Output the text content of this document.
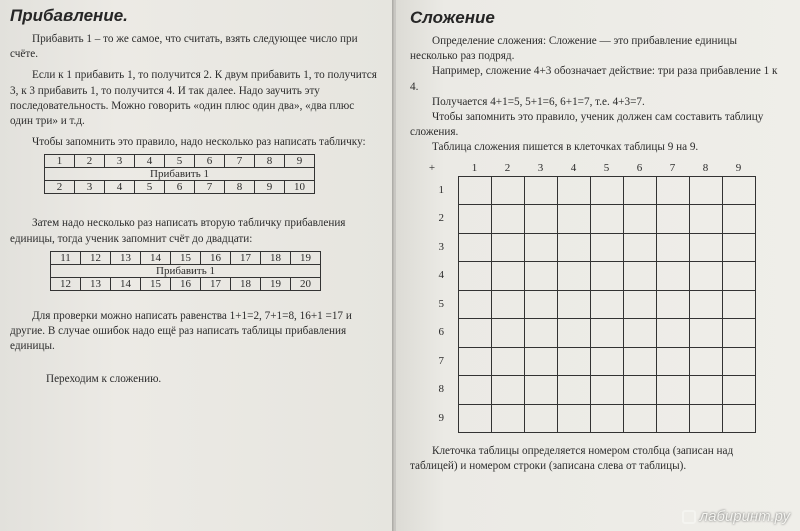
Прибавление.

Прибавить 1 – то же самое, что считать, взять следующее число при счёте.

Если к 1 прибавить 1, то получится 2. К двум прибавить 1, то получится 3, к 3 прибавить 1, то получится 4. И так далее. Надо заучить эту последовательность. Можно говорить «один плюс один два», «два плюс один три» и т.д.

Чтобы запомнить это правило, надо несколько раз написать табличку:

1	2	3	4	5	6	7	8	9
Прибавить 1								
2	3	4	5	6	7	8	9	10

Затем надо несколько раз написать вторую табличку прибавления единицы, тогда ученик запомнит счёт до двадцати:

11	12	13	14	15	16	17	18	19
Прибавить 1								
12	13	14	15	16	17	18	19	20

Для проверки можно написать равенства 1+1=2, 7+1=8, 16+1 =17 и другие. В случае ошибок надо ещё раз написать таблицы прибавления единицы.

Переходим к сложению.

Сложение

Определение сложения: Сложение — это прибавление единицы несколько раз подряд.

Например, сложение 4+3 обозначает действие: три раза прибавление 1 к 4.

Получается 4+1=5, 5+1=6, 6+1=7, т.е. 4+3=7.

Чтобы запомнить это правило, ученик должен сам составить таблицу сложения.

Таблица сложения пишется в клеточках таблицы 9 на 9.

+	1	2	3	4	5	6	7	8	9
1
2
3
4
5
6
7
8
9

Клеточка таблицы определяется номером столбца (записан над таблицей) и номером строки (записана слева от таблицы).

лабиринт.ру
